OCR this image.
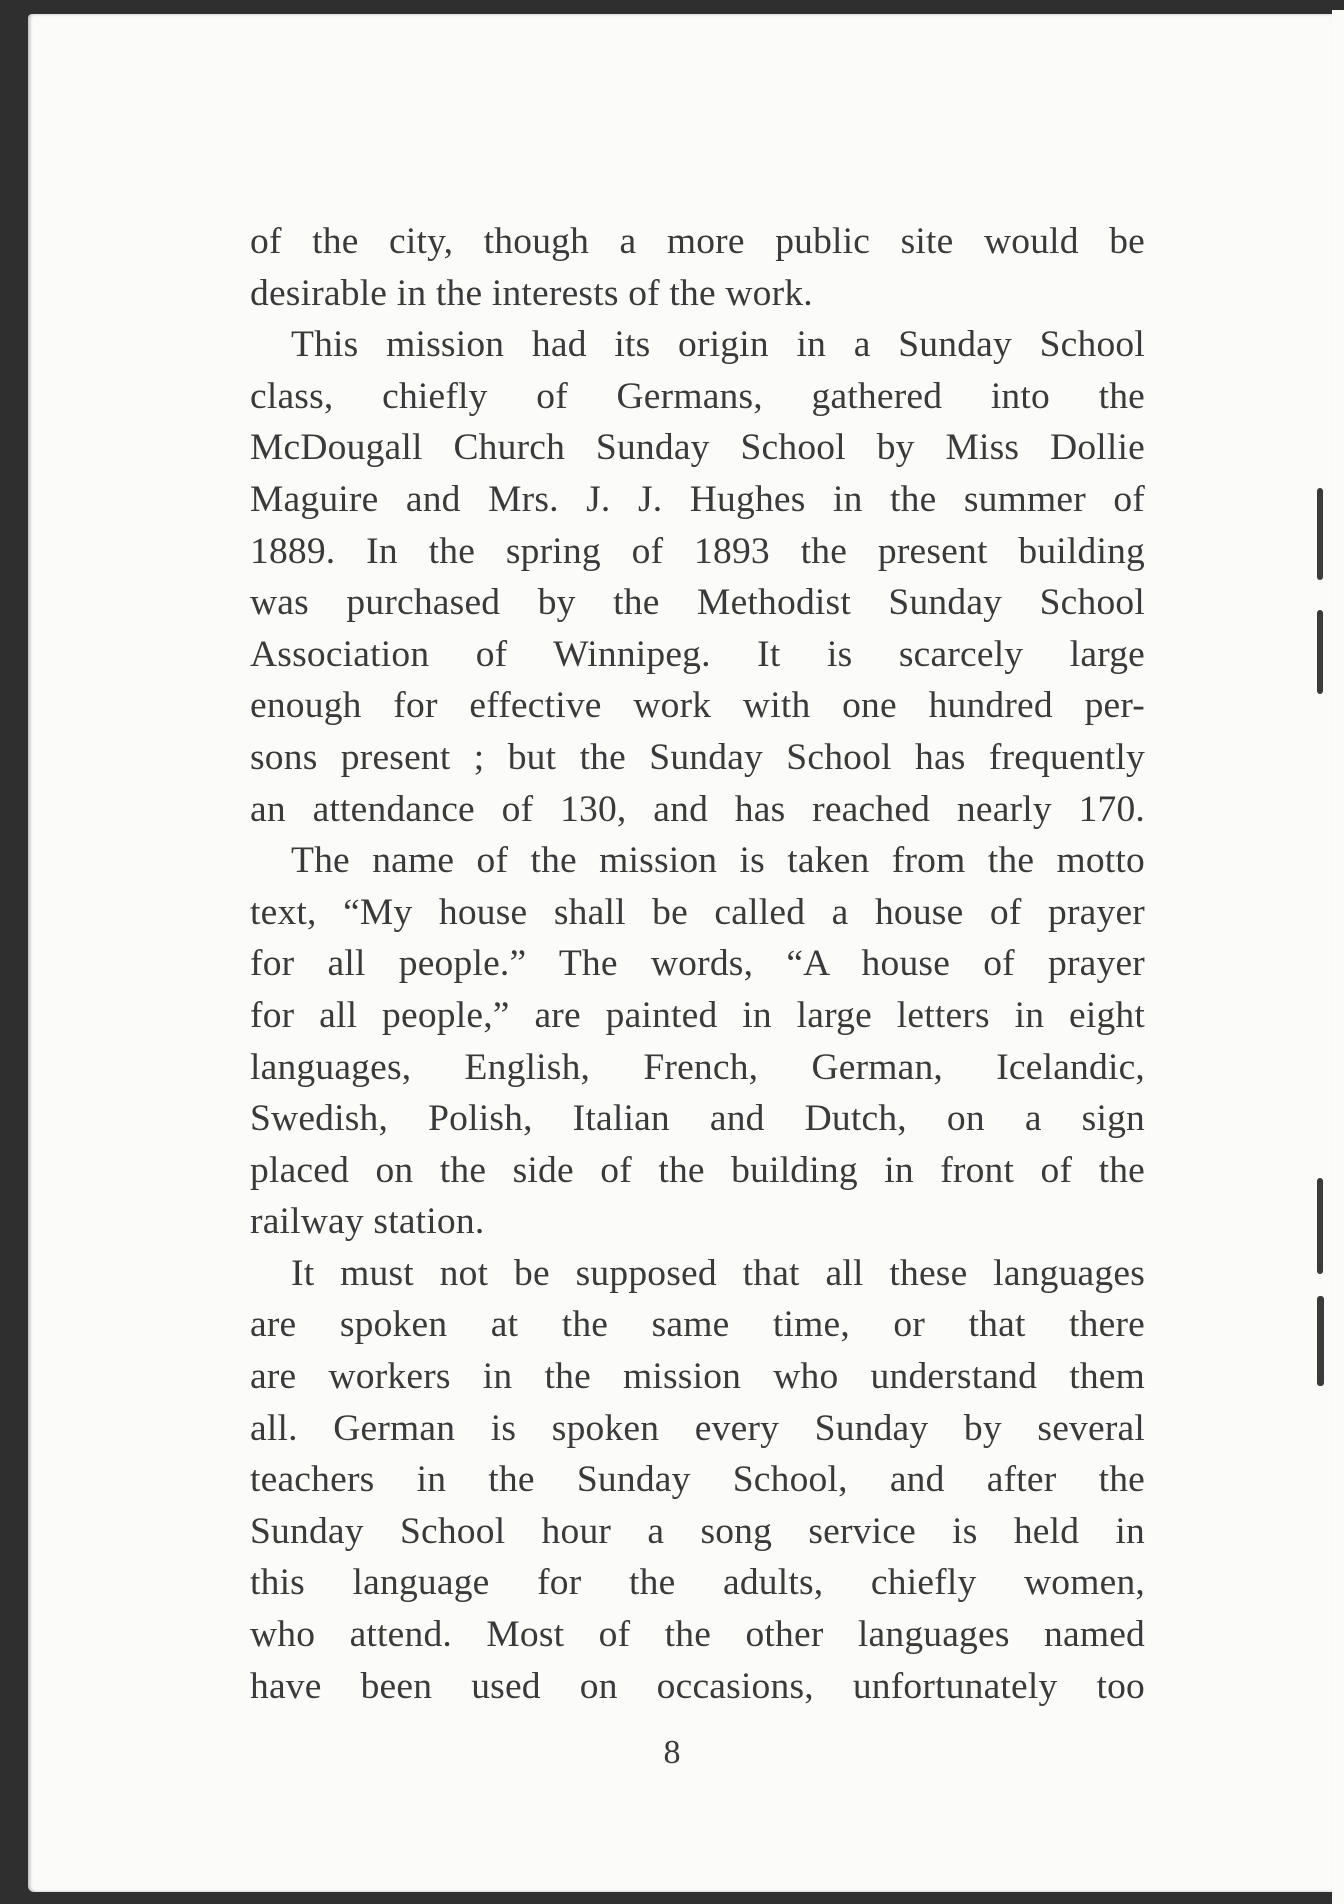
of the city, though a more public site would be
desirable in the interests of the work.
This mission had its origin in a Sunday School
class, chiefly of Germans, gathered into the
McDougall Church Sunday School by Miss Dollie
Maguire and Mrs. J. J. Hughes in the summer of
1889. In the spring of 1893 the present building
was purchased by the Methodist Sunday School
Association of Winnipeg. It is scarcely large
enough for effective work with one hundred per-
sons present ; but the Sunday School has frequently
an attendance of 130, and has reached nearly 170.
The name of the mission is taken from the motto
text, “My house shall be called a house of prayer
for all people.” The words, “A house of prayer
for all people,” are painted in large letters in eight
languages, English, French, German, Icelandic,
Swedish, Polish, Italian and Dutch, on a sign
placed on the side of the building in front of the
railway station.
It must not be supposed that all these languages
are spoken at the same time, or that there
are workers in the mission who understand them
all. German is spoken every Sunday by several
teachers in the Sunday School, and after the
Sunday School hour a song service is held in
this language for the adults, chiefly women,
who attend. Most of the other languages named
have been used on occasions, unfortunately too
8
